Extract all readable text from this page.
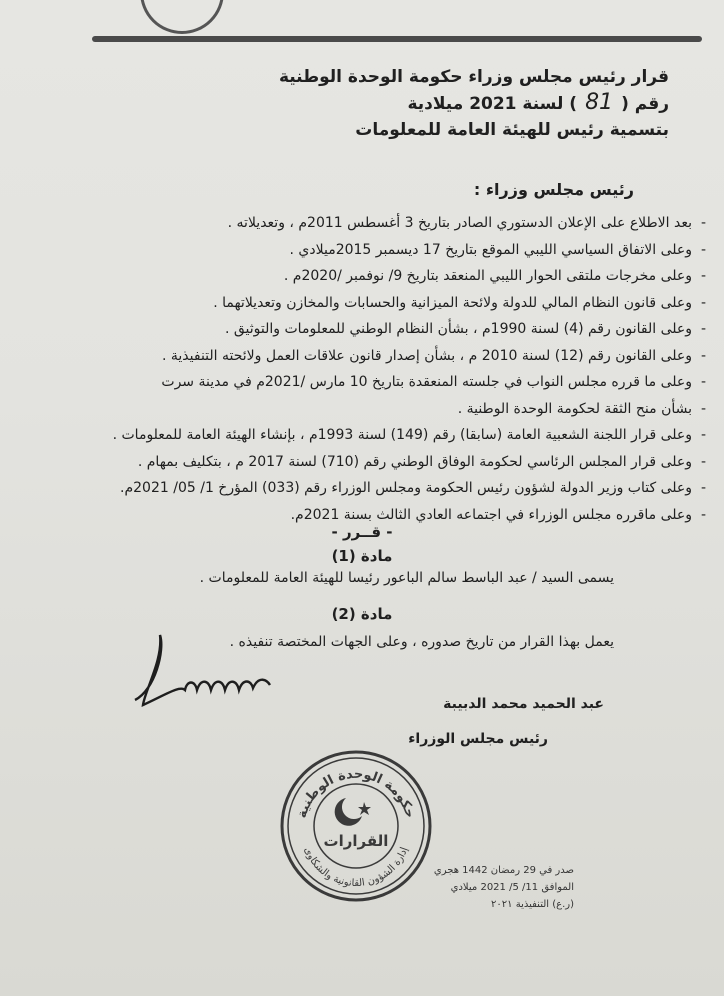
قرار رئيس مجلس وزراء حكومة الوحدة الوطنية
رقم (81) لسنة 2021 ميلادية
بتسمية رئيس للهيئة العامة للمعلومات
رئيس مجلس وزراء :
- بعد الاطلاع على الإعلان الدستوري الصادر بتاريخ 3 أغسطس 2011م ، وتعديلاته .
- وعلى الاتفاق السياسي الليبي الموقع بتاريخ 17 ديسمبر 2015ميلادي .
- وعلى مخرجات ملتقى الحوار الليبي المنعقد بتاريخ 9/ نوفمبر /2020م .
- وعلى قانون النظام المالي للدولة ولائحة الميزانية والحسابات والمخازن وتعديلاتهما .
- وعلى القانون رقم (4) لسنة 1990م ، بشأن النظام الوطني للمعلومات والتوثيق .
- وعلى القانون رقم (12) لسنة 2010 م ، بشأن إصدار قانون علاقات العمل ولائحته التنفيذية .
- وعلى ما قرره مجلس النواب في جلسته المنعقدة بتاريخ 10 مارس /2021م في مدينة سرت
- بشأن منح الثقة لحكومة الوحدة الوطنية .
- وعلى قرار اللجنة الشعبية العامة (سابقا) رقم (149) لسنة 1993م ، بإنشاء الهيئة العامة للمعلومات .
- وعلى قرار المجلس الرئاسي لحكومة الوفاق الوطني رقم (710) لسنة 2017 م ، بتكليف بمهام .
- وعلى كتاب وزير الدولة لشؤون رئيس الحكومة ومجلس الوزراء رقم (033) المؤرخ 1/ 05/ 2021م.
- وعلى ماقرره مجلس الوزراء في اجتماعه العادي الثالث بسنة 2021م.
- قــرر -
مادة (1)
يسمى السيد / عبد الباسط سالم الباعور رئيسا للهيئة العامة للمعلومات .
مادة (2)
يعمل بهذا القرار من تاريخ صدوره ، وعلى الجهات المختصة تنفيذه .
عبد الحميد محمد الدبيبة
رئيس مجلس الوزراء
حكومة الوحدة الوطنية
إدارة الشؤون القانونية والشكاوى
القرارات
صدر في 29 رمضان 1442 هجري
الموافق 11/ 5/ 2021 ميلادي
(ر.ع) التنفيذية ٢٠٢١
